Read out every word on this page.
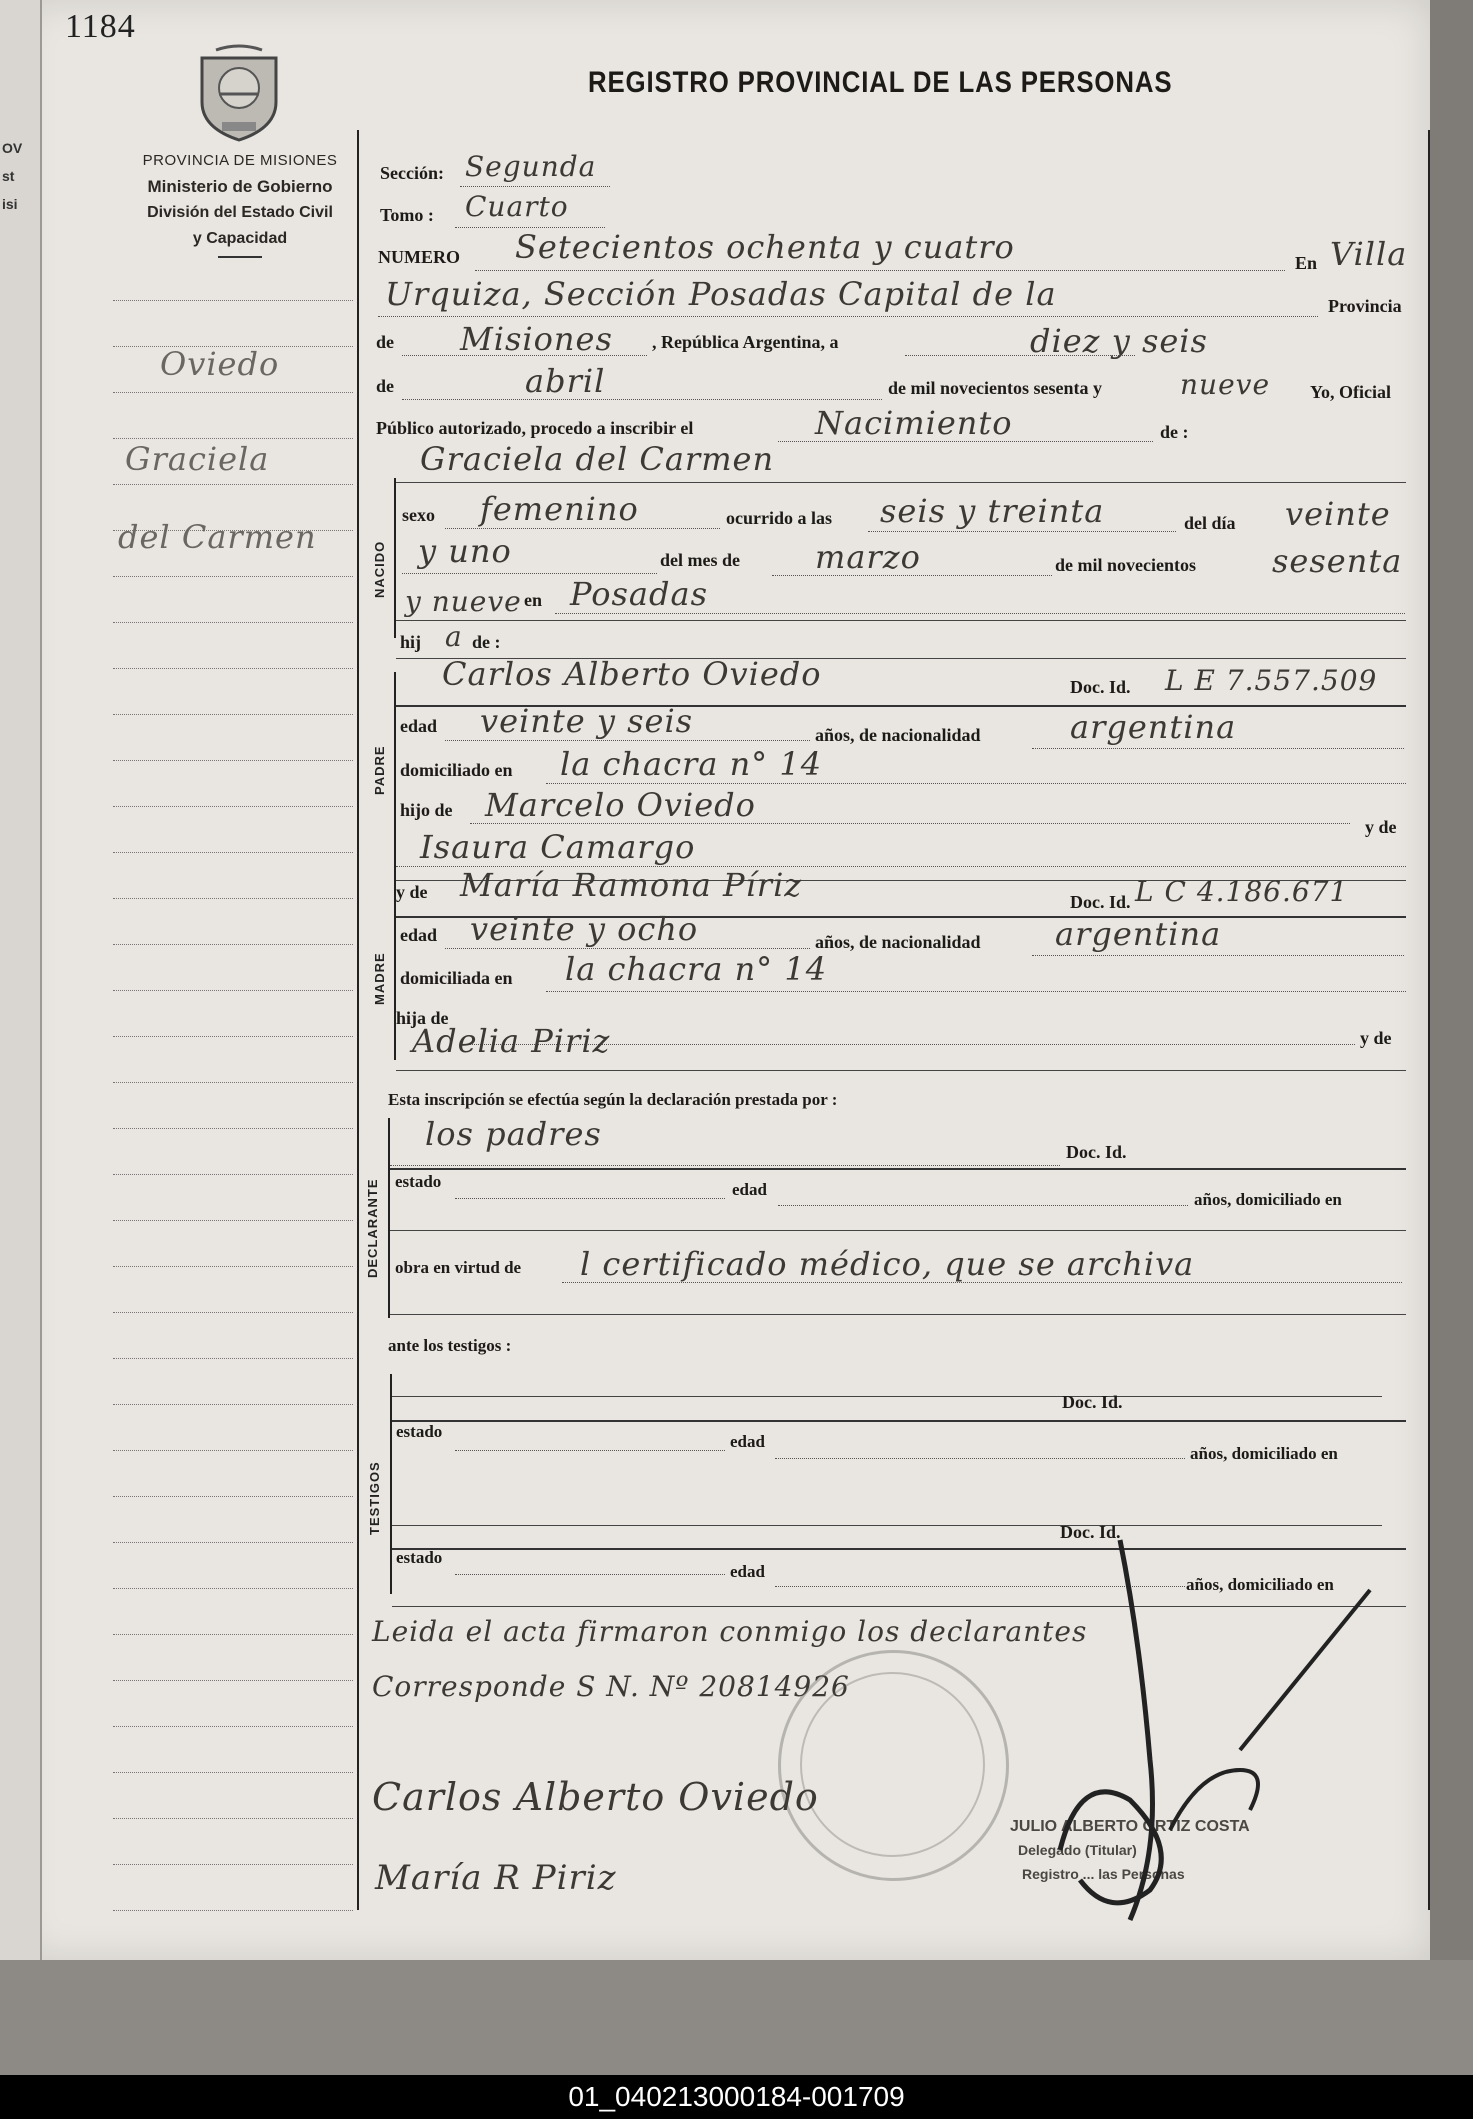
OV
st
isi
1184
REGISTRO PROVINCIAL DE LAS PERSONAS
PROVINCIA DE MISIONES
Ministerio de Gobierno
División del Estado Civil
y Capacidad
Oviedo
Graciela
del Carmen
Sección: Segunda
Tomo : Cuarto
NUMERO Setecientos ochenta y cuatro	En Villa
Urquiza, Sección Posadas Capital de la	Provincia
de Misiones , República Argentina, a	diez y seis
de	abril	de mil novecientos sesenta y	nueve Yo, Oficial
Público autorizado, procedo a inscribir el	Nacimiento	de :
NACIDO
Graciela del Carmen
sexo femenino	ocurrido a las seis y treinta	del día veinte
y uno	del mes de marzo	de mil novecientos sesenta
y nueve en Posadas
hij a de :
PADRE
Carlos Alberto Oviedo	Doc. Id. L E 7.557.509
edad veinte y seis	años, de nacionalidad	argentina
domiciliado en la chacra n° 14
hijo de Marcelo Oviedo
y de
Isaura Camargo
MADRE
y de María Ramona Píriz	Doc. Id. L C 4.186.671
edad veinte y ocho	años, de nacionalidad argentina
domiciliada en la chacra n° 14
hija de
y de
Adelia Piriz
Esta inscripción se efectúa según la declaración prestada por :
DECLARANTE
los padres	Doc. Id.
estado	edad
años, domiciliado en
obra en virtud de l certificado médico, que se archiva
ante los testigos :
TESTIGOS
Doc. Id.
estado
edad
años, domiciliado en
Doc. Id.
estado
edad
años, domiciliado en
Leida el acta firmaron conmigo los declarantes
Corresponde S N. Nº 20814926
Carlos Alberto Oviedo
María R Piriz
JULIO ALBERTO ORTIZ COSTA
Delegado (Titular)
Registro ... las Personas
01_040213000184-001709
